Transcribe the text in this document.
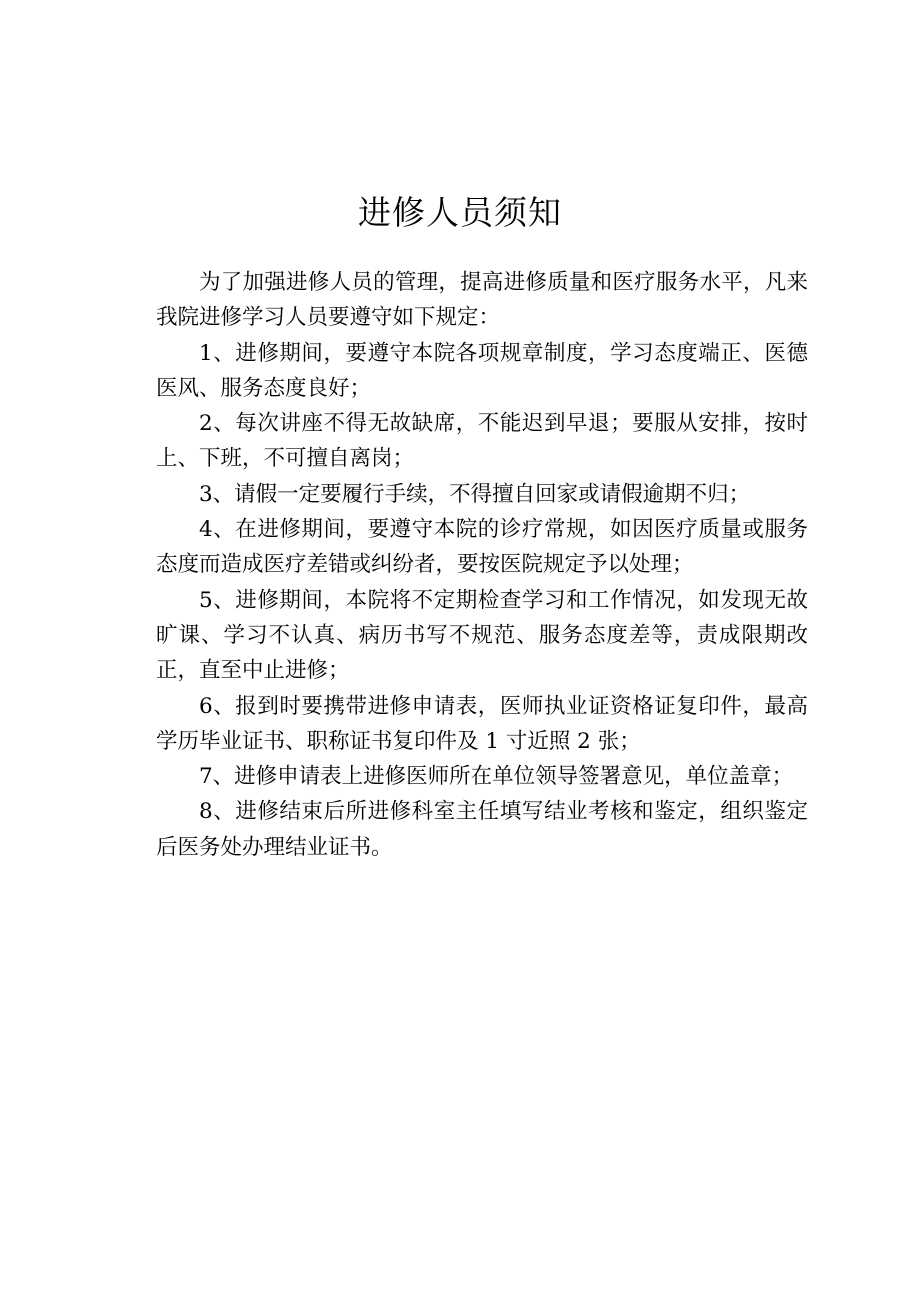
进修人员须知

为了加强进修人员的管理，提高进修质量和医疗服务水平，凡来我院进修学习人员要遵守如下规定：

1、进修期间，要遵守本院各项规章制度，学习态度端正、医德医风、服务态度良好；

2、每次讲座不得无故缺席，不能迟到早退；要服从安排，按时上、下班，不可擅自离岗；

3、请假一定要履行手续，不得擅自回家或请假逾期不归；

4、在进修期间，要遵守本院的诊疗常规，如因医疗质量或服务态度而造成医疗差错或纠纷者，要按医院规定予以处理；

5、进修期间，本院将不定期检查学习和工作情况，如发现无故旷课、学习不认真、病历书写不规范、服务态度差等，责成限期改正，直至中止进修；

6、报到时要携带进修申请表，医师执业证资格证复印件，最高学历毕业证书、职称证书复印件及 1 寸近照 2 张；

7、进修申请表上进修医师所在单位领导签署意见，单位盖章；

8、进修结束后所进修科室主任填写结业考核和鉴定，组织鉴定后医务处办理结业证书。
